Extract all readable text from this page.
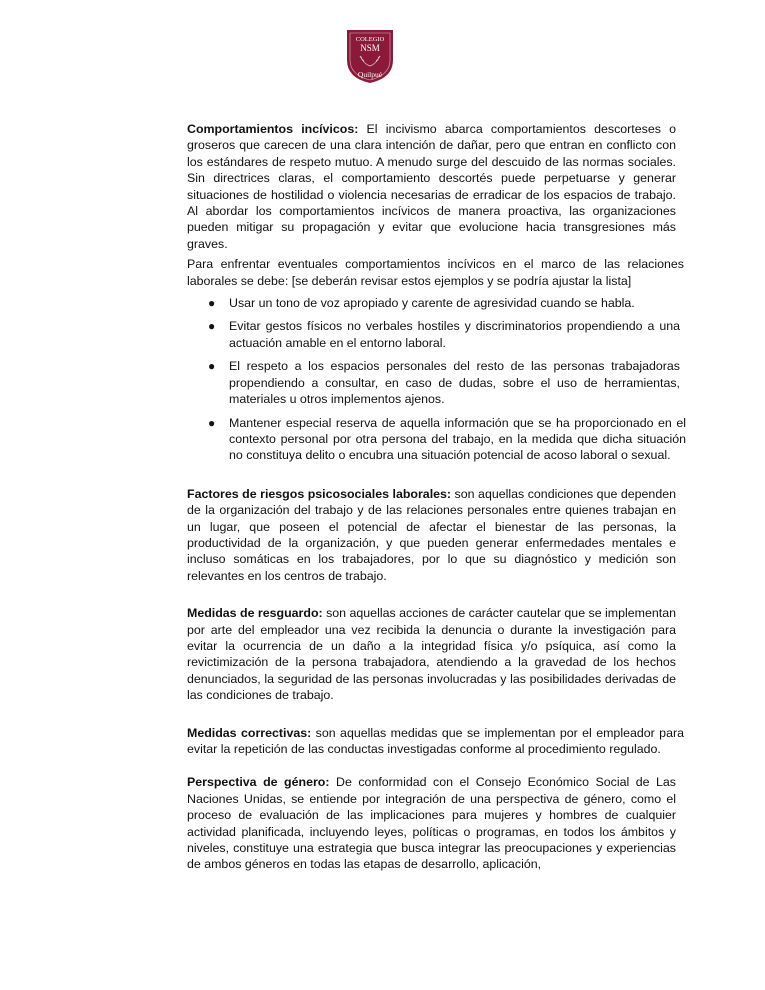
COLEGIO
NSM
Quilpué

Comportamientos incívicos: El incivismo abarca comportamientos descorteses o groseros que carecen de una clara intención de dañar, pero que entran en conflicto con los estándares de respeto mutuo. A menudo surge del descuido de las normas sociales. Sin directrices claras, el comportamiento descortés puede perpetuarse y generar situaciones de hostilidad o violencia necesarias de erradicar de los espacios de trabajo. Al abordar los comportamientos incívicos de manera proactiva, las organizaciones pueden mitigar su propagación y evitar que evolucione hacia transgresiones más graves.

Para enfrentar eventuales comportamientos incívicos en el marco de las relaciones laborales se debe: [se deberán revisar estos ejemplos y se podría ajustar la lista]

● Usar un tono de voz apropiado y carente de agresividad cuando se habla.
● Evitar gestos físicos no verbales hostiles y discriminatorios propendiendo a una actuación amable en el entorno laboral.
● El respeto a los espacios personales del resto de las personas trabajadoras propendiendo a consultar, en caso de dudas, sobre el uso de herramientas, materiales u otros implementos ajenos.
● Mantener especial reserva de aquella información que se ha proporcionado en el contexto personal por otra persona del trabajo, en la medida que dicha situación no constituya delito o encubra una situación potencial de acoso laboral o sexual.

Factores de riesgos psicosociales laborales: son aquellas condiciones que dependen de la organización del trabajo y de las relaciones personales entre quienes trabajan en un lugar, que poseen el potencial de afectar el bienestar de las personas, la productividad de la organización, y que pueden generar enfermedades mentales e incluso somáticas en los trabajadores, por lo que su diagnóstico y medición son relevantes en los centros de trabajo.

Medidas de resguardo: son aquellas acciones de carácter cautelar que se implementan por arte del empleador una vez recibida la denuncia o durante la investigación para evitar la ocurrencia de un daño a la integridad física y/o psíquica, así como la revictimización de la persona trabajadora, atendiendo a la gravedad de los hechos denunciados, la seguridad de las personas involucradas y las posibilidades derivadas de las condiciones de trabajo.

Medidas correctivas: son aquellas medidas que se implementan por el empleador para evitar la repetición de las conductas investigadas conforme al procedimiento regulado.

Perspectiva de género: De conformidad con el Consejo Económico Social de Las Naciones Unidas, se entiende por integración de una perspectiva de género, como el proceso de evaluación de las implicaciones para mujeres y hombres de cualquier actividad planificada, incluyendo leyes, políticas o programas, en todos los ámbitos y niveles, constituye una estrategia que busca integrar las preocupaciones y experiencias de ambos géneros en todas las etapas de desarrollo, aplicación,
